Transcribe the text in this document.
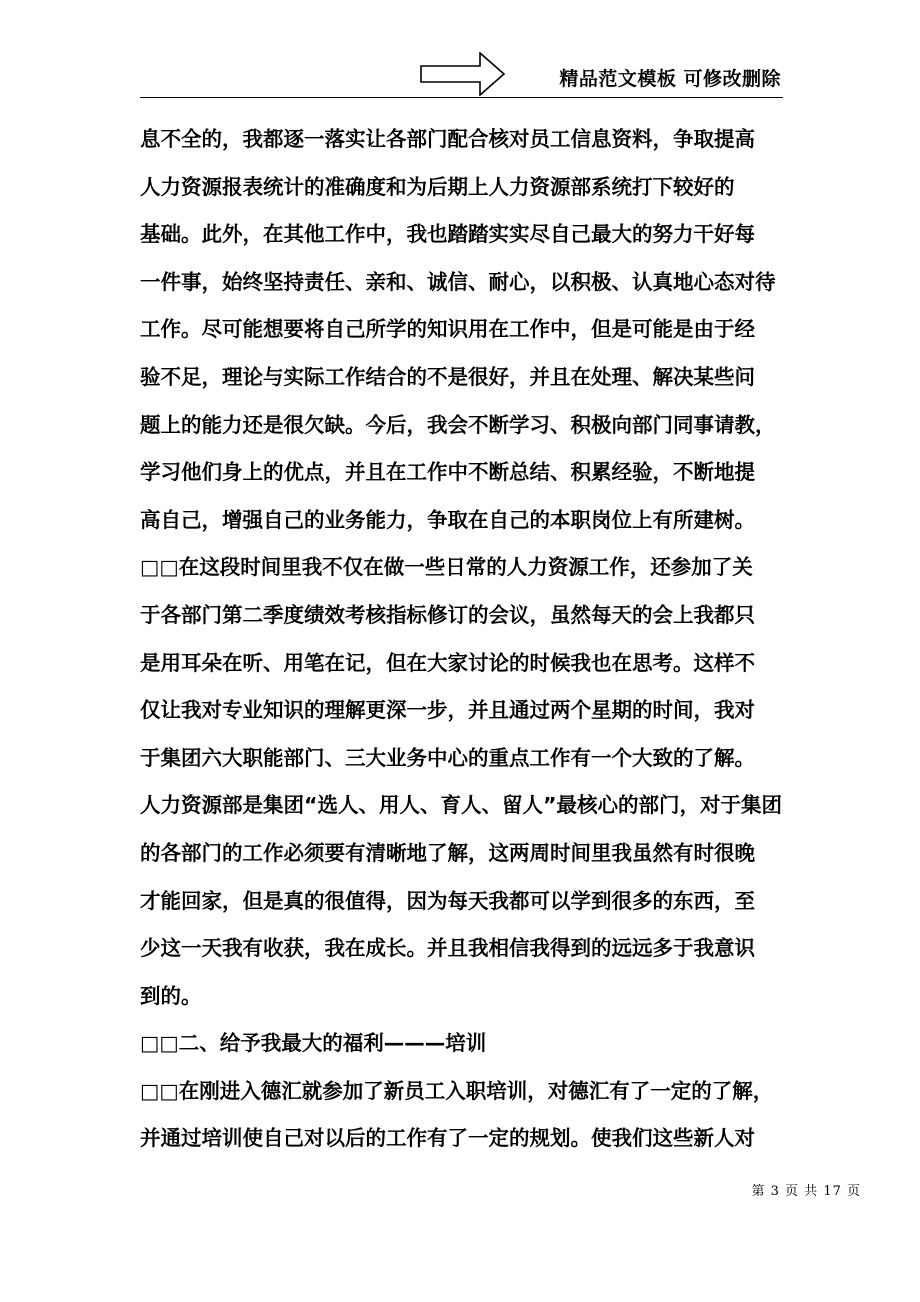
精品范文模板 可修改删除
息不全的，我都逐一落实让各部门配合核对员工信息资料，争取提高
人力资源报表统计的准确度和为后期上人力资源部系统打下较好的
基础。此外，在其他工作中，我也踏踏实实尽自己最大的努力干好每
一件事，始终坚持责任、亲和、诚信、耐心，以积极、认真地心态对待
工作。尽可能想要将自己所学的知识用在工作中，但是可能是由于经
验不足，理论与实际工作结合的不是很好，并且在处理、解决某些问
题上的能力还是很欠缺。今后，我会不断学习、积极向部门同事请教，
学习他们身上的优点，并且在工作中不断总结、积累经验，不断地提
高自己，增强自己的业务能力，争取在自己的本职岗位上有所建树。
□□在这段时间里我不仅在做一些日常的人力资源工作，还参加了关
于各部门第二季度绩效考核指标修订的会议，虽然每天的会上我都只
是用耳朵在听、用笔在记，但在大家讨论的时候我也在思考。这样不
仅让我对专业知识的理解更深一步，并且通过两个星期的时间，我对
于集团六大职能部门、三大业务中心的重点工作有一个大致的了解。
人力资源部是集团“选人、用人、育人、留人”最核心的部门，对于集团
的各部门的工作必须要有清晰地了解，这两周时间里我虽然有时很晚
才能回家，但是真的很值得，因为每天我都可以学到很多的东西，至
少这一天我有收获，我在成长。并且我相信我得到的远远多于我意识
到的。
□□二、给予我最大的福利———培训
□□在刚进入德汇就参加了新员工入职培训，对德汇有了一定的了解，
并通过培训使自己对以后的工作有了一定的规划。使我们这些新人对
第 3 页 共 17 页
